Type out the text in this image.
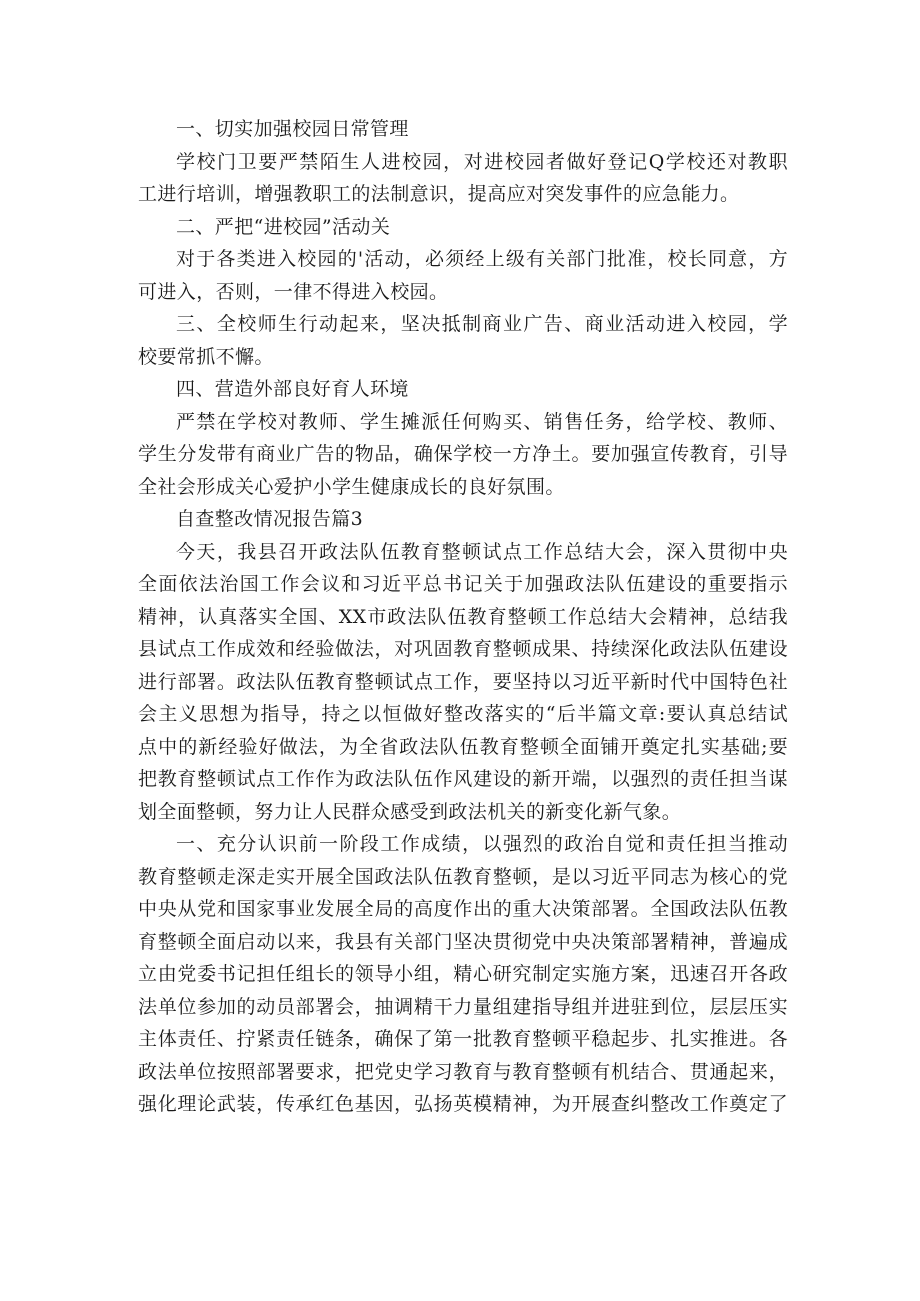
一、切实加强校园日常管理
学校门卫要严禁陌生人进校园，对进校园者做好登记Q学校还对教职
工进行培训，增强教职工的法制意识，提高应对突发事件的应急能力。
二、严把“进校园”活动关
对于各类进入校园的'活动，必须经上级有关部门批准，校长同意，方
可进入，否则，一律不得进入校园。
三、全校师生行动起来，坚决抵制商业广告、商业活动进入校园，学
校要常抓不懈。
四、营造外部良好育人环境
严禁在学校对教师、学生摊派任何购买、销售任务，给学校、教师、
学生分发带有商业广告的物品，确保学校一方净土。要加强宣传教育，引导
全社会形成关心爱护小学生健康成长的良好氛围。
自查整改情况报告篇3
今天，我县召开政法队伍教育整顿试点工作总结大会，深入贯彻中央
全面依法治国工作会议和习近平总书记关于加强政法队伍建设的重要指示
精神，认真落实全国、XX市政法队伍教育整顿工作总结大会精神，总结我
县试点工作成效和经验做法，对巩固教育整顿成果、持续深化政法队伍建设
进行部署。政法队伍教育整顿试点工作，要坚持以习近平新时代中国特色社
会主义思想为指导，持之以恒做好整改落实的“后半篇文章:要认真总结试
点中的新经验好做法，为全省政法队伍教育整顿全面铺开奠定扎实基础;要
把教育整顿试点工作作为政法队伍作风建设的新开端，以强烈的责任担当谋
划全面整顿，努力让人民群众感受到政法机关的新变化新气象。
一、充分认识前一阶段工作成绩，以强烈的政治自觉和责任担当推动
教育整顿走深走实开展全国政法队伍教育整顿，是以习近平同志为核心的党
中央从党和国家事业发展全局的高度作出的重大决策部署。全国政法队伍教
育整顿全面启动以来，我县有关部门坚决贯彻党中央决策部署精神，普遍成
立由党委书记担任组长的领导小组，精心研究制定实施方案，迅速召开各政
法单位参加的动员部署会，抽调精干力量组建指导组并进驻到位，层层压实
主体责任、拧紧责任链条，确保了第一批教育整顿平稳起步、扎实推进。各
政法单位按照部署要求，把党史学习教育与教育整顿有机结合、贯通起来，
强化理论武装，传承红色基因，弘扬英模精神，为开展查纠整改工作奠定了
